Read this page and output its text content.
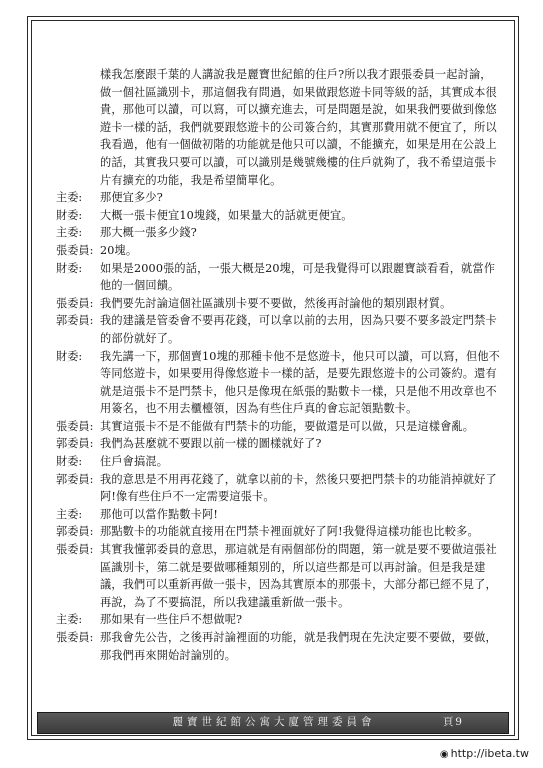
樣我怎麼跟千葉的人講說我是麗寶世紀館的住戶?所以我才跟張委員一起討論，做一個社區識別卡，那這個我有問過，如果做跟悠遊卡同等級的話，其實成本很貴，那他可以讀，可以寫，可以擴充進去，可是問題是說，如果我們要做到像悠遊卡一樣的話，我們就要跟悠遊卡的公司簽合約，其實那費用就不便宜了，所以我看過，他有一個做初階的功能就是他只可以讀，不能擴充，如果是用在公設上的話，其實我只要可以讀，可以識別是幾號幾樓的住戶就夠了，我不希望這張卡片有擴充的功能，我是希望簡單化。
主委:	那便宜多少?
財委:	大概一張卡便宜10塊錢，如果量大的話就更便宜。
主委:	那大概一張多少錢?
張委員: 20塊。
財委:	如果是2000張的話，一張大概是20塊，可是我覺得可以跟麗寶談看看，就當作他的一個回饋。
張委員: 我們要先討論這個社區識別卡要不要做，然後再討論他的類別跟材質。
郭委員: 我的建議是管委會不要再花錢，可以拿以前的去用，因為只要不要多設定門禁卡的部份就好了。
財委:	我先講一下，那個賣10塊的那種卡他不是悠遊卡，他只可以讀，可以寫，但他不等同悠遊卡，如果要用得像悠遊卡一樣的話，是要先跟悠遊卡的公司簽約。還有就是這張卡不是門禁卡，他只是像現在紙張的點數卡一樣，只是他不用改章也不用簽名，也不用去櫃檯領，因為有些住戶真的會忘記領點數卡。
張委員: 其實這張卡不是不能做有門禁卡的功能，要做還是可以做，只是這樣會亂。
郭委員: 我們為甚麼就不要跟以前一樣的圖樣就好了?
財委:	住戶會搞混。
郭委員: 我的意思是不用再花錢了，就拿以前的卡，然後只要把門禁卡的功能消掉就好了阿!像有些住戶不一定需要這張卡。
主委:	那他可以當作點數卡阿!
郭委員: 那點數卡的功能就直接用在門禁卡裡面就好了阿!我覺得這樣功能也比較多。
張委員: 其實我懂郭委員的意思，那這就是有兩個部份的問題，第一就是要不要做這張社區識別卡，第二就是要做哪種類別的，所以這些都是可以再討論。但是我是建議，我們可以重新再做一張卡，因為其實原本的那張卡，大部分都已經不見了，再說，為了不要搞混，所以我建議重新做一張卡。
主委:	那如果有一些住戶不想做呢?
張委員: 那我會先公告，之後再討論裡面的功能，就是我們現在先決定要不要做，要做，那我們再來開始討論別的。
麗寶世紀館公寓大廈管理委員會	頁9
◉ http://ibeta.tw
